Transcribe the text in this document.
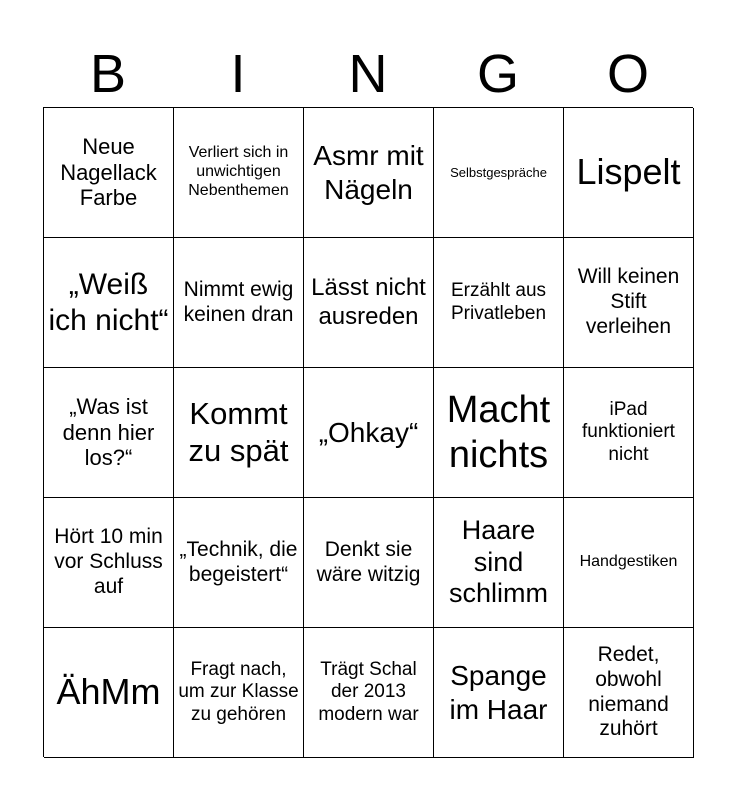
B	I	N	G	O
Neue Nagellack Farbe
Verliert sich in unwichtigen Nebenthemen
Asmr mit Nägeln
Selbstgespräche Lispelt
„Weiß ich nicht“
Nimmt ewig keinen dran
Lässt nicht ausreden
Erzählt aus Privatleben
Will keinen Stift verleihen
„Was ist denn hier los?“
Kommt zu spät
„Ohkay“
Macht nichts
iPad funktioniert nicht
Hört 10 min vor Schluss auf
„Technik, die begeistert“
Denkt sie wäre witzig
Haare sind schlimm
Handgestiken
ÄhMm
Fragt nach, um zur Klasse zu gehören
Trägt Schal der 2013 modern war
Spange im Haar
Redet, obwohl niemand zuhört
